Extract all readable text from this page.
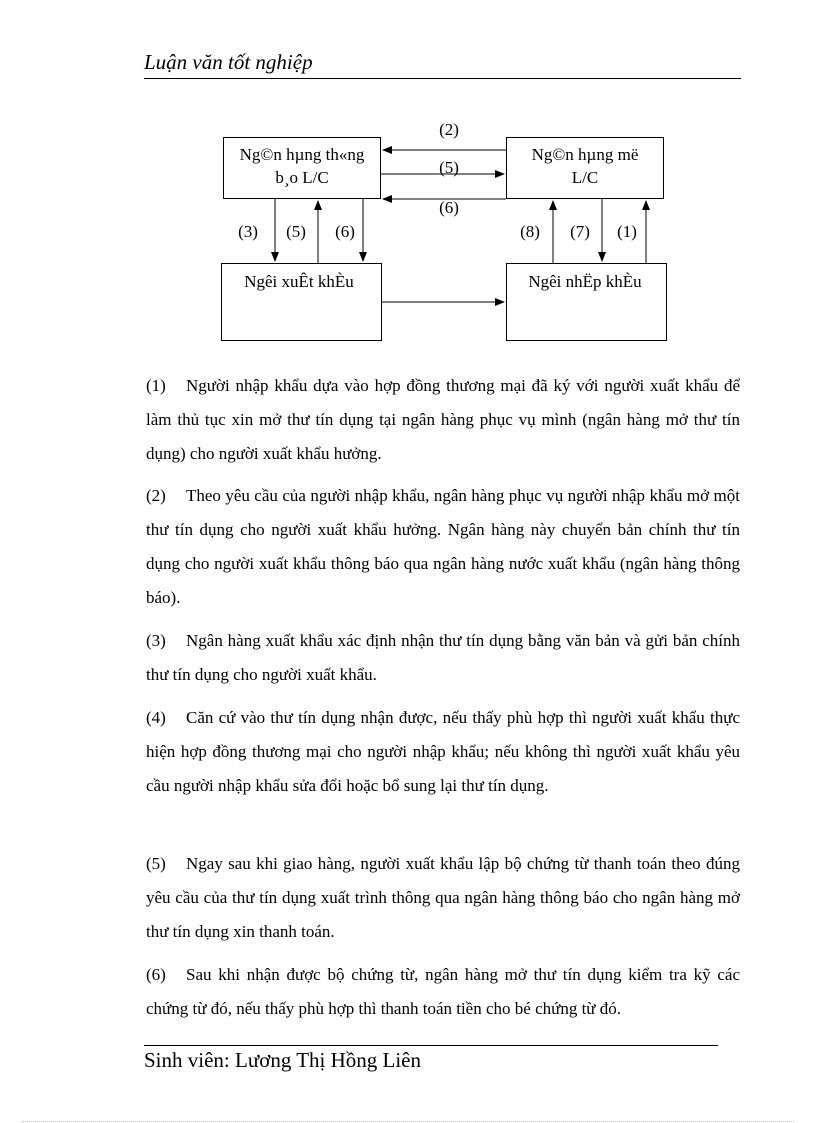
Luận văn tốt nghiệp
Ng©n hµng th«ng
b¸o L/C
Ng©n hµng më
L/C
Ngêi xuÊt khÈu	Ngêi nhËp khÈu
(2)
(5)
(6)
(3) (5) (6)	(8) (7) (1)
(1) Người nhập khẩu dựa vào hợp đồng thương mại đã ký với người xuất khẩu để làm thủ tục xin mở thư tín dụng tại ngân hàng phục vụ mình (ngân hàng mở thư tín dụng) cho người xuất khẩu hưởng.
(2) Theo yêu cầu của người nhập khẩu, ngân hàng phục vụ người nhập khẩu mở một thư tín dụng cho người xuất khẩu hưởng. Ngân hàng này chuyển bản chính thư tín dụng cho người xuất khẩu thông báo qua ngân hàng nước xuất khẩu (ngân hàng thông báo).
(3) Ngân hàng xuất khẩu xác định nhận thư tín dụng bằng văn bản và gửi bản chính thư tín dụng cho người xuất khẩu.
(4) Căn cứ vào thư tín dụng nhận được, nếu thấy phù hợp thì người xuất khẩu thực hiện hợp đồng thương mại cho người nhập khẩu; nếu không thì người xuất khẩu yêu cầu người nhập khẩu sửa đổi hoặc bổ sung lại thư tín dụng.
(5) Ngay sau khi giao hàng, người xuất khẩu lập bộ chứng từ thanh toán theo đúng yêu cầu của thư tín dụng xuất trình thông qua ngân hàng thông báo cho ngân hàng mở thư tín dụng xin thanh toán.
(6) Sau khi nhận được bộ chứng từ, ngân hàng mở thư tín dụng kiểm tra kỹ các chứng từ đó, nếu thấy phù hợp thì thanh toán tiền cho bé chứng từ đó.
Sinh viên: Lương Thị Hồng Liên
